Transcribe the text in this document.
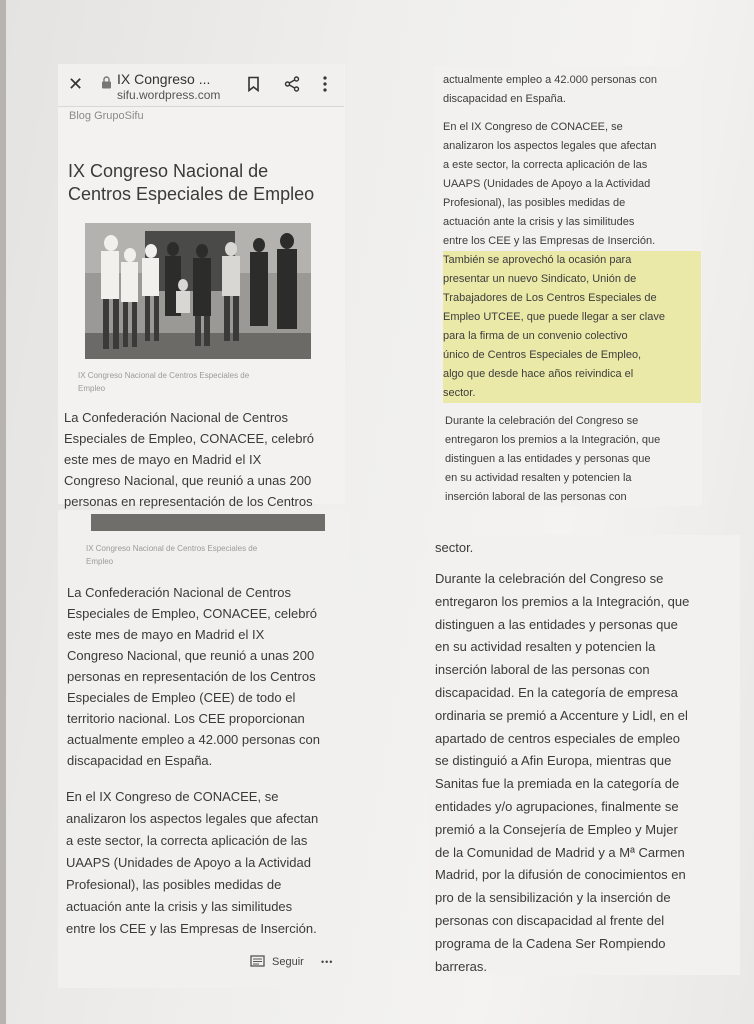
✕ IX Congreso ...
​sifu.wordpress.com
Blog GrupoSifu
IX Congreso Nacional de
Centros Especiales de Empleo
IX Congreso Nacional de Centros Especiales de
Empleo
La Confederación Nacional de Centros
Especiales de Empleo, CONACEE, celebró
este mes de mayo en Madrid el IX
Congreso Nacional, que reunió a unas 200
personas en representación de los Centros
IX Congreso Nacional de Centros Especiales de
Empleo
La Confederación Nacional de Centros
Especiales de Empleo, CONACEE, celebró
este mes de mayo en Madrid el IX
Congreso Nacional, que reunió a unas 200
personas en representación de los Centros
Especiales de Empleo (CEE) de todo el
territorio nacional. Los CEE proporcionan
actualmente empleo a 42.000 personas con
discapacidad en España.
En el IX Congreso de CONACEE, se
analizaron los aspectos legales que afectan
a este sector, la correcta aplicación de las
UAAPS (Unidades de Apoyo a la Actividad
Profesional), las posibles medidas de
actuación ante la crisis y las similitudes
entre los CEE y las Empresas de Inserción.
Seguir •••
actualmente empleo a 42.000 personas con
discapacidad en España.
En el IX Congreso de CONACEE, se
analizaron los aspectos legales que afectan
a este sector, la correcta aplicación de las
UAAPS (Unidades de Apoyo a la Actividad
Profesional), las posibles medidas de
actuación ante la crisis y las similitudes
entre los CEE y las Empresas de Inserción.
También se aprovechó la ocasión para
presentar un nuevo Sindicato, Unión de
Trabajadores de Los Centros Especiales de
Empleo UTCEE, que puede llegar a ser clave
para la firma de un convenio colectivo
único de Centros Especiales de Empleo,
algo que desde hace años reivindica el
sector.
Durante la celebración del Congreso se
entregaron los premios a la Integración, que
distinguen a las entidades y personas que
en su actividad resalten y potencien la
inserción laboral de las personas con
sector.
Durante la celebración del Congreso se
entregaron los premios a la Integración, que
distinguen a las entidades y personas que
en su actividad resalten y potencien la
inserción laboral de las personas con
discapacidad. En la categoría de empresa
ordinaria se premió a Accenture y Lidl, en el
apartado de centros especiales de empleo
se distinguió a Afin Europa, mientras que
Sanitas fue la premiada en la categoría de
entidades y/o agrupaciones, finalmente se
premió a la Consejería de Empleo y Mujer
de la Comunidad de Madrid y a Mª Carmen
Madrid, por la difusión de conocimientos en
pro de la sensibilización y la inserción de
personas con discapacidad al frente del
programa de la Cadena Ser Rompiendo
barreras.
